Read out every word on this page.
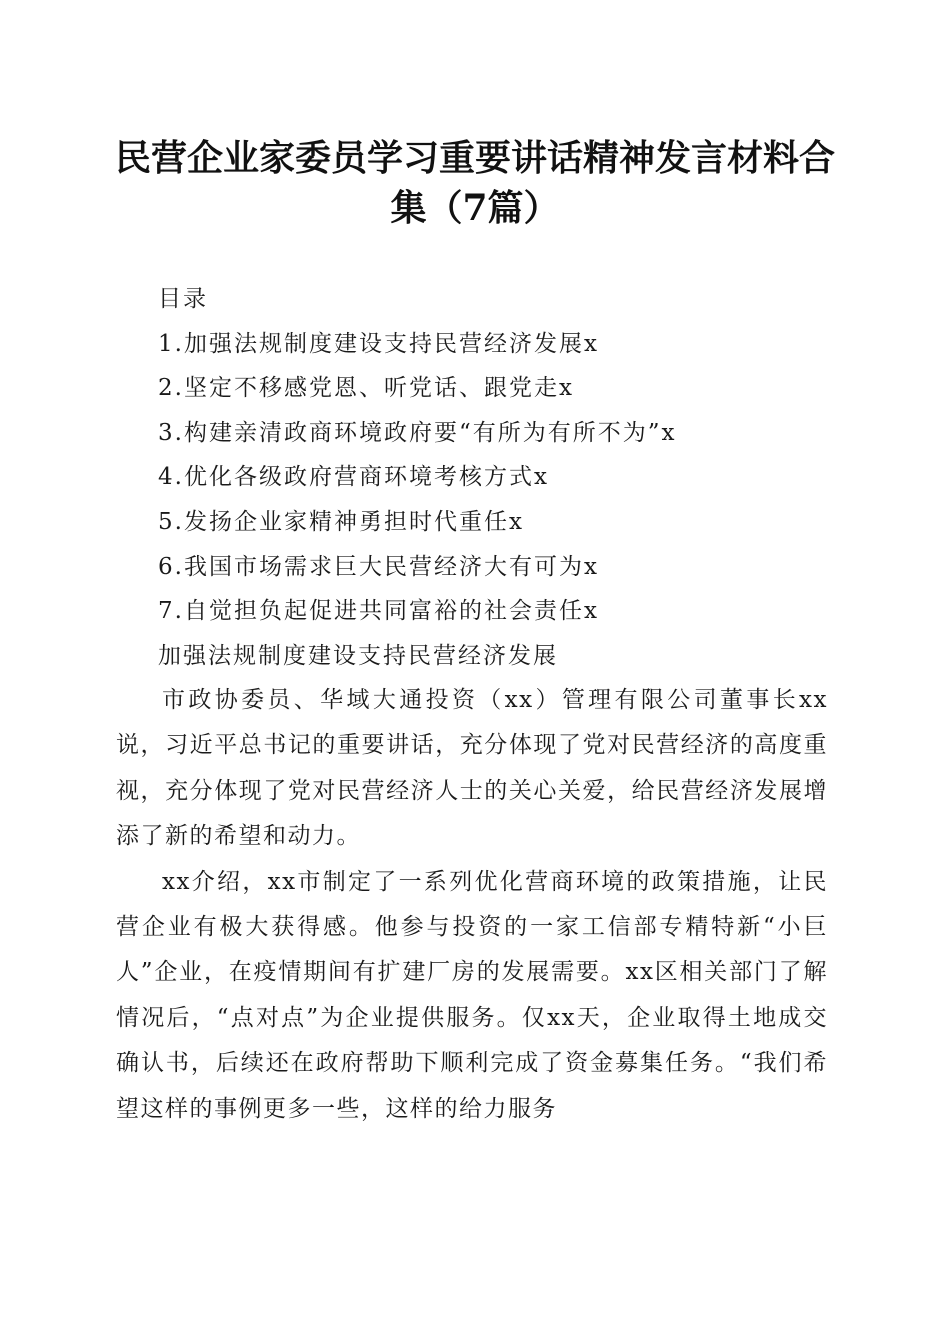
民营企业家委员学习重要讲话精神发言材料合集（7篇）
目录
1.加强法规制度建设支持民营经济发展x
2.坚定不移感党恩、听党话、跟党走x
3.构建亲清政商环境政府要“有所为有所不为”x
4.优化各级政府营商环境考核方式x
5.发扬企业家精神勇担时代重任x
6.我国市场需求巨大民营经济大有可为x
7.自觉担负起促进共同富裕的社会责任x
加强法规制度建设支持民营经济发展

市政协委员、华域大通投资（xx）管理有限公司董事长xx说，习近平总书记的重要讲话，充分体现了党对民营经济的高度重视，充分体现了党对民营经济人士的关心关爱，给民营经济发展增添了新的希望和动力。

xx介绍，xx市制定了一系列优化营商环境的政策措施，让民营企业有极大获得感。他参与投资的一家工信部专精特新“小巨人”企业，在疫情期间有扩建厂房的发展需要。xx区相关部门了解情况后，“点对点”为企业提供服务。仅xx天，企业取得土地成交确认书，后续还在政府帮助下顺利完成了资金募集任务。“我们希望这样的事例更多一些，这样的给力服务
